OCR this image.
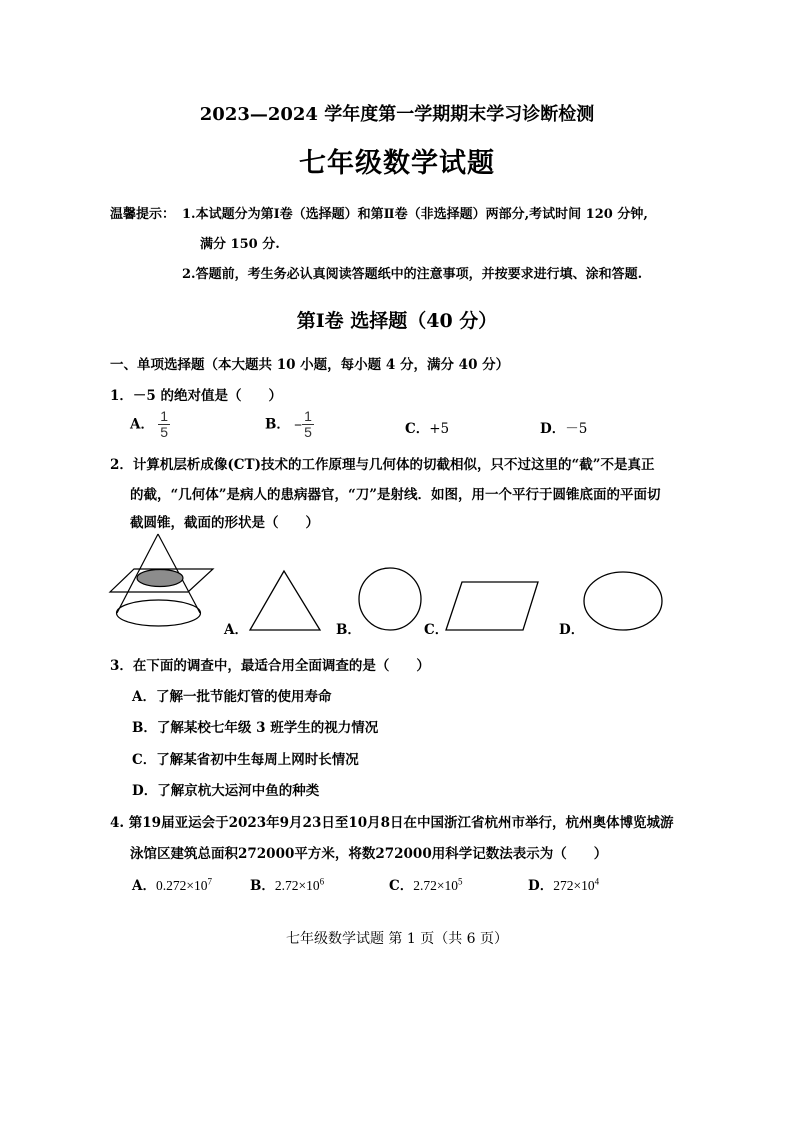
2023—2024 学年度第一学期期末学习诊断检测
七年级数学试题
温馨提示： 1.本试题分为第Ⅰ卷（选择题）和第Ⅱ卷（非选择题）两部分,考试时间 120 分钟,
满分 150 分.
2.答题前，考生务必认真阅读答题纸中的注意事项，并按要求进行填、涂和答题.
第Ⅰ卷 选择题（40 分）
一、单项选择题（本大题共 10 小题，每小题 4 分，满分 40 分）
1．－5 的绝对值是（　　）
A． $\frac{1}{5}$	B． − $\frac{1}{5}$	C．+5	D．－5
2．计算机层析成像(CT)技术的工作原理与几何体的切截相似，只不过这里的“截”不是真正
的截，“几何体”是病人的患病器官，“刀”是射线．如图，用一个平行于圆锥底面的平面切
截圆锥，截面的形状是（　　）
A．	B．	C．	D．
3．在下面的调查中，最适合用全面调查的是（　　）
A．了解一批节能灯管的使用寿命
B．了解某校七年级 3 班学生的视力情况
C．了解某省初中生每周上网时长情况
D．了解京杭大运河中鱼的种类
4. 第19届亚运会于2023年9月23日至10月8日在中国浙江省杭州市举行，杭州奥体博览城游
泳馆区建筑总面积272000平方米，将数272000用科学记数法表示为（　　）
A．$0.272\times 10^7$	B．$2.72\times 10^6$	C．$2.72\times 10^5$	D．$272\times 10^4$
七年级数学试题 第 1 页（共 6 页）
